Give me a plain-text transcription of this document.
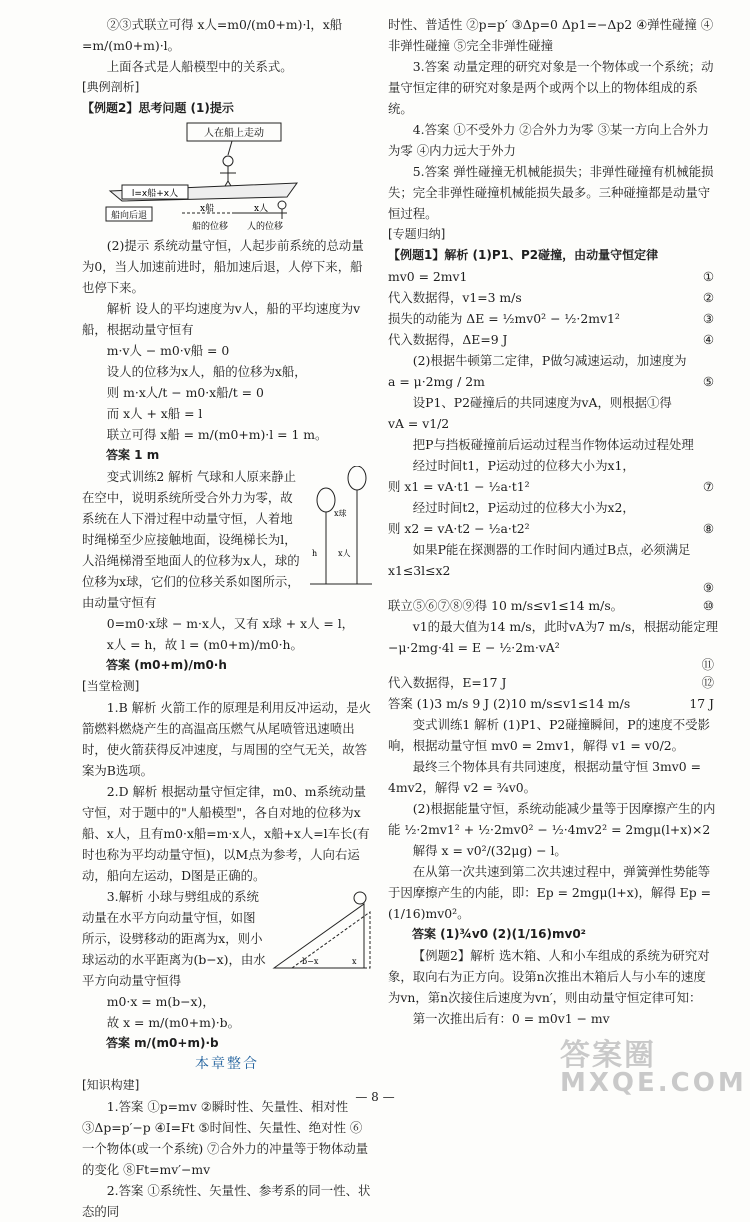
②③式联立可得 x人=m0/(m0+m)·l，x船=m/(m0+m)·l。

上面各式是人船模型中的关系式。

[典例剖析]

【例题2】思考问题 (1)提示

人在船上走动
l=x船+x人
船向后退
x船	x人
船的位移 人的位移

(2)提示 系统动量守恒，人起步前系统的总动量为0，当人加速前进时，船加速后退，人停下来，船也停下来。

解析 设人的平均速度为v人，船的平均速度为v船，根据动量守恒有

m·v人 − m0·v船 = 0

设人的位移为x人，船的位移为x船，

则 m·x人/t − m0·x船/t = 0

而 x人 + x船 = l

联立可得 x船 = m/(m0+m)·l = 1 m。

答案 1 m

变式训练2 解析 气球和人原来静止在空中，说明系统所受合外力为零，故系统在人下滑过程中动量守恒，人着地时绳梯至少应接触地面，设绳梯长为l，人沿绳梯滑至地面人的位移为x人，球的位移为x球，它们的位移关系如图所示，由动量守恒有

x球
x人
h

0=m0·x球 − m·x人，又有 x球 + x人 = l，

x人 = h，故 l = (m0+m)/m0·h。

答案 (m0+m)/m0·h

[当堂检测]

1.B 解析 火箭工作的原理是利用反冲运动，是火箭燃料燃烧产生的高温高压燃气从尾喷管迅速喷出时，使火箭获得反冲速度，与周围的空气无关，故答案为B选项。

2.D 解析 根据动量守恒定律，m0、m系统动量守恒，对于题中的"人船模型"，各自对地的位移为x船、x人，且有m0·x船=m·x人，x船+x人=l车长(有时也称为平均动量守恒)，以M点为参考，人向右运动，船向左运动，D图是正确的。

3.解析 小球与劈组成的系统动量在水平方向动量守恒，如图所示，设劈移动的距离为x，则小球运动的水平距离为(b−x)，由水平方向动量守恒得

b−x	x

m0·x = m(b−x)，

故 x = m/(m0+m)·b。

答案 m/(m0+m)·b

本章整合

[知识构建]

1.答案 ①p=mv ②瞬时性、矢量性、相对性 ③Δp=p′−p ④I=Ft ⑤时间性、矢量性、绝对性 ⑥一个物体(或一个系统) ⑦合外力的冲量等于物体动量的变化 ⑧Ft=mv′−mv

2.答案 ①系统性、矢量性、参考系的同一性、状态的同

时性、普适性 ②p=p′ ③Δp=0 Δp1=−Δp2 ④弹性碰撞 ④非弹性碰撞 ⑤完全非弹性碰撞

3.答案 动量定理的研究对象是一个物体或一个系统；动量守恒定律的研究对象是两个或两个以上的物体组成的系统。

4.答案 ①不受外力 ②合外力为零 ③某一方向上合外力为零 ④内力远大于外力

5.答案 弹性碰撞无机械能损失；非弹性碰撞有机械能损失；完全非弹性碰撞机械能损失最多。三种碰撞都是动量守恒过程。

[专题归纳]

【例题1】解析 (1)P1、P2碰撞，由动量守恒定律

mv0 = 2mv1	①
代入数据得，v1=3 m/s	②
损失的动能为 ΔE = ½mv0² − ½·2mv1²	③
代入数据得，ΔE=9 J	④

(2)根据牛顿第二定律，P做匀减速运动，加速度为

a = μ·2mg / 2m	⑤

设P1、P2碰撞后的共同速度为vA，则根据①得

vA = v1/2

把P与挡板碰撞前后运动过程当作物体运动过程处理

经过时间t1，P运动过的位移大小为x1，

则 x1 = vA·t1 − ½a·t1²	⑦

经过时间t2，P运动过的位移大小为x2，

则 x2 = vA·t2 − ½a·t2²	⑧

如果P能在探测器的工作时间内通过B点，必须满足 x1≤3l≤x2

⑨

联立⑤⑥⑦⑧⑨得 10 m/s≤v1≤14 m/s。	⑩

v1的最大值为14 m/s，此时vA为7 m/s，根据动能定理 −μ·2mg·4l = E − ½·2m·vA²

⑪

代入数据得，E=17 J	⑫
答案 (1)3 m/s 9 J (2)10 m/s≤v1≤14 m/s	17 J

变式训练1 解析 (1)P1、P2碰撞瞬间，P的速度不受影响，根据动量守恒 mv0 = 2mv1，解得 v1 = v0/2。

最终三个物体具有共同速度，根据动量守恒 3mv0 = 4mv2，解得 v2 = ¾v0。

(2)根据能量守恒，系统动能减少量等于因摩擦产生的内能 ½·2mv1² + ½·2mv0² − ½·4mv2² = 2mgμ(l+x)×2

解得 x = v0²/(32μg) − l。

在从第一次共速到第二次共速过程中，弹簧弹性势能等于因摩擦产生的内能，即：Ep = 2mgμ(l+x)，解得 Ep = (1/16)mv0²。

答案 (1)¾v0 (2)(1/16)mv0²

【例题2】解析 选木箱、人和小车组成的系统为研究对象，取向右为正方向。设第n次推出木箱后人与小车的速度为vn，第n次接住后速度为vn′，则由动量守恒定律可知：

第一次推出后有：0 = m0v1 − mv

— 8 —
答案圈
MXQE.COM
